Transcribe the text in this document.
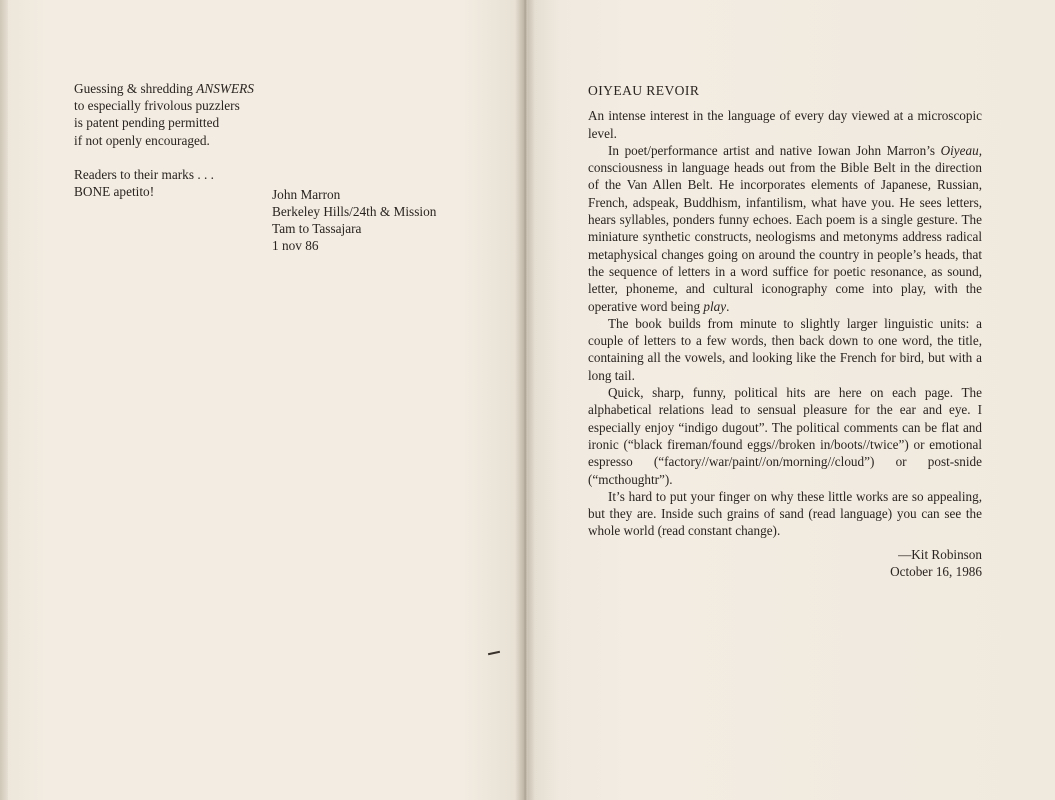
Guessing & shredding ANSWERS
to especially frivolous puzzlers
is patent pending permitted
if not openly encouraged.

Readers to their marks . . .
BONE apetito!	John Marron
Berkeley Hills/24th & Mission
Tam to Tassajara
1 nov 86
OIYEAU REVOIR

An intense interest in the language of every day viewed at a microscopic level.

In poet/performance artist and native Iowan John Marron’s Oiyeau, consciousness in language heads out from the Bible Belt in the direction of the Van Allen Belt. He incorporates elements of Japanese, Russian, French, adspeak, Buddhism, infantilism, what have you. He sees letters, hears syllables, ponders funny echoes. Each poem is a single gesture. The miniature synthetic constructs, neologisms and metonyms address radical metaphysical changes going on around the country in people’s heads, that the sequence of letters in a word suffice for poetic resonance, as sound, letter, phoneme, and cultural iconography come into play, with the operative word being play.

The book builds from minute to slightly larger linguistic units: a couple of letters to a few words, then back down to one word, the title, containing all the vowels, and looking like the French for bird, but with a long tail.

Quick, sharp, funny, political hits are here on each page. The alphabetical relations lead to sensual pleasure for the ear and eye. I especially enjoy “indigo dugout”. The political comments can be flat and ironic (“black fireman/found eggs//broken in/boots//twice”) or emotional espresso (“factory//war/paint//on/morning//cloud”) or post-snide (“mcthoughtr”).

It’s hard to put your finger on why these little works are so appealing, but they are. Inside such grains of sand (read language) you can see the whole world (read constant change).

—Kit Robinson
October 16, 1986
